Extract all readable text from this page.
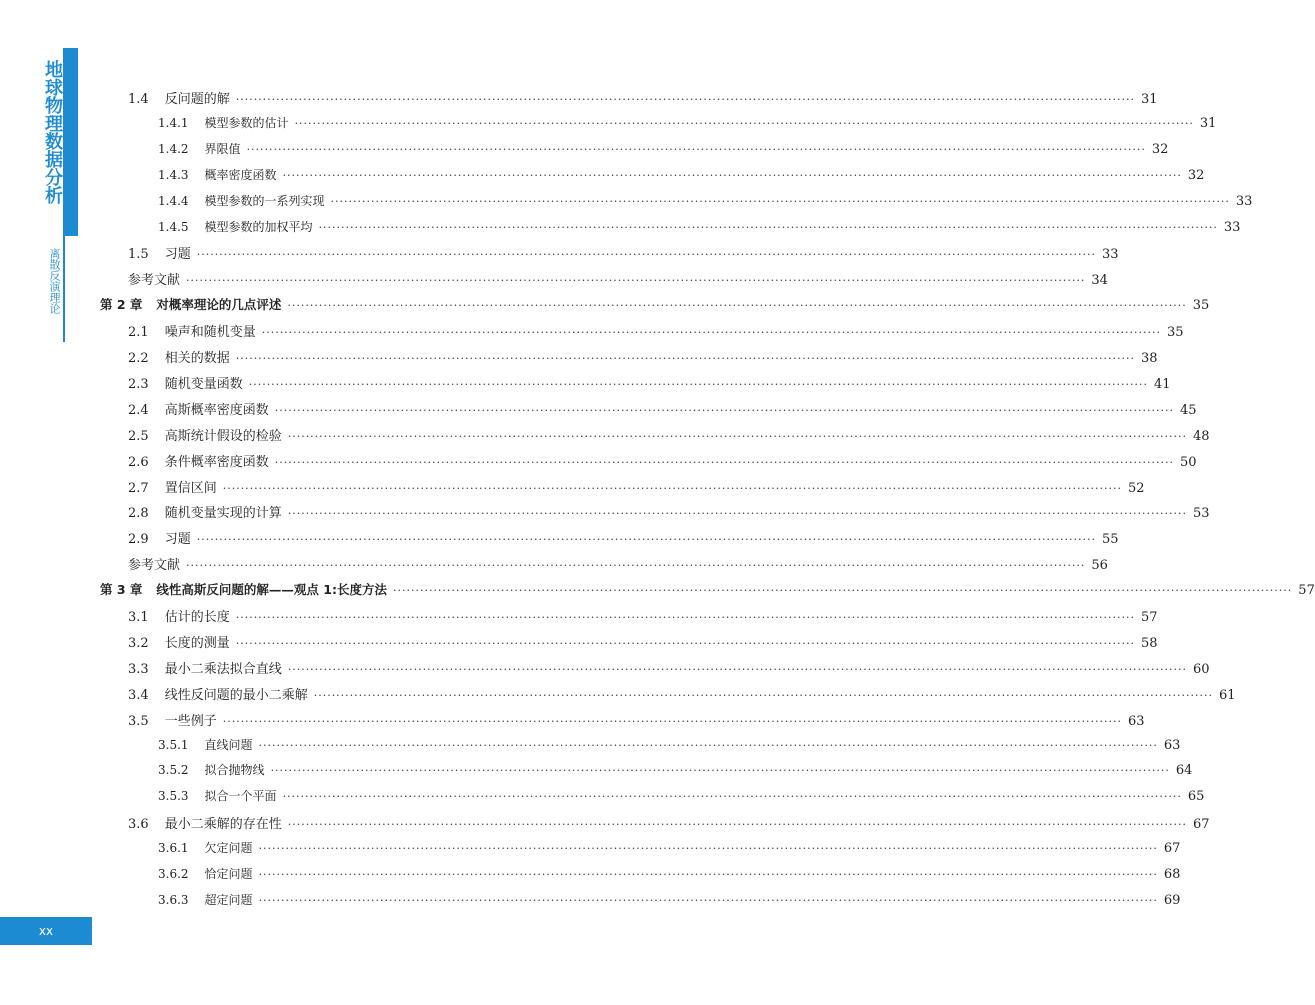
地球物理数据分析
离散反演理论
1.4 反问题的解 ········································································································································································································ 31
1.4.1 模型参数的估计 ········································································································································································································ 31
1.4.2 界限值 ········································································································································································································ 32
1.4.3 概率密度函数 ········································································································································································································ 32
1.4.4 模型参数的一系列实现 ········································································································································································································ 33
1.4.5 模型参数的加权平均 ········································································································································································································ 33
1.5 习题 ········································································································································································································ 33
参考文献 ········································································································································································································ 34
第 2 章 对概率理论的几点评述 ········································································································································································································ 35
2.1 噪声和随机变量 ········································································································································································································ 35
2.2 相关的数据 ········································································································································································································ 38
2.3 随机变量函数 ········································································································································································································ 41
2.4 高斯概率密度函数 ········································································································································································································ 45
2.5 高斯统计假设的检验 ········································································································································································································ 48
2.6 条件概率密度函数 ········································································································································································································ 50
2.7 置信区间 ········································································································································································································ 52
2.8 随机变量实现的计算 ········································································································································································································ 53
2.9 习题 ········································································································································································································ 55
参考文献 ········································································································································································································ 56
第 3 章 线性高斯反问题的解——观点 1:长度方法 ········································································································································································································ 57
3.1 估计的长度 ········································································································································································································ 57
3.2 长度的测量 ········································································································································································································ 58
3.3 最小二乘法拟合直线 ········································································································································································································ 60
3.4 线性反问题的最小二乘解 ········································································································································································································ 61
3.5 一些例子 ········································································································································································································ 63
3.5.1 直线问题 ········································································································································································································ 63
3.5.2 拟合抛物线 ········································································································································································································ 64
3.5.3 拟合一个平面 ········································································································································································································ 65
3.6 最小二乘解的存在性 ········································································································································································································ 67
3.6.1 欠定问题 ········································································································································································································ 67
3.6.2 恰定问题 ········································································································································································································ 68
3.6.3 超定问题 ········································································································································································································ 69
xx
